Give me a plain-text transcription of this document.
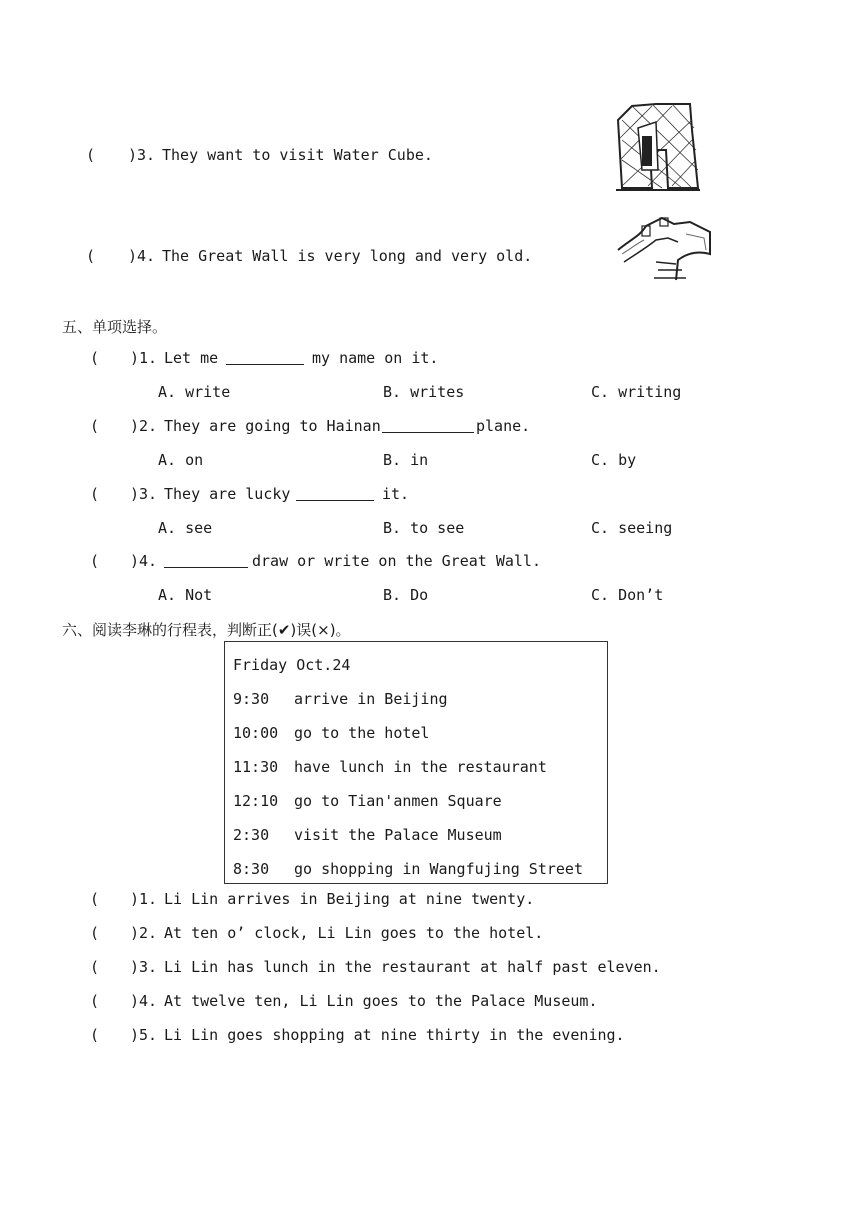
( )3. They want to visit Water Cube.
( )4. The Great Wall is very long and very old.
五、单项选择。
( )1. Let me	my name on it.
A. write	B. writes	C. writing
( )2. They are going to Hainan	plane.
A. on	B. in	C. by
( )3. They are lucky	it.
A. see	B. to see	C. seeing
( )4.	draw or write on the Great Wall.
A. Not	B. Do	C. Don’t
六、阅读李琳的行程表，判断正(✔)误(×)。
Friday Oct.24
9:30 arrive in Beijing
10:00 go to the hotel
11:30 have lunch in the restaurant
12:10 go to Tian'anmen Square
2:30 visit the Palace Museum
8:30 go shopping in Wangfujing Street
( )1. Li Lin arrives in Beijing at nine twenty.
( )2. At ten o’ clock, Li Lin goes to the hotel.
( )3. Li Lin has lunch in the restaurant at half past eleven.
( )4. At twelve ten, Li Lin goes to the Palace Museum.
( )5. Li Lin goes shopping at nine thirty in the evening.
